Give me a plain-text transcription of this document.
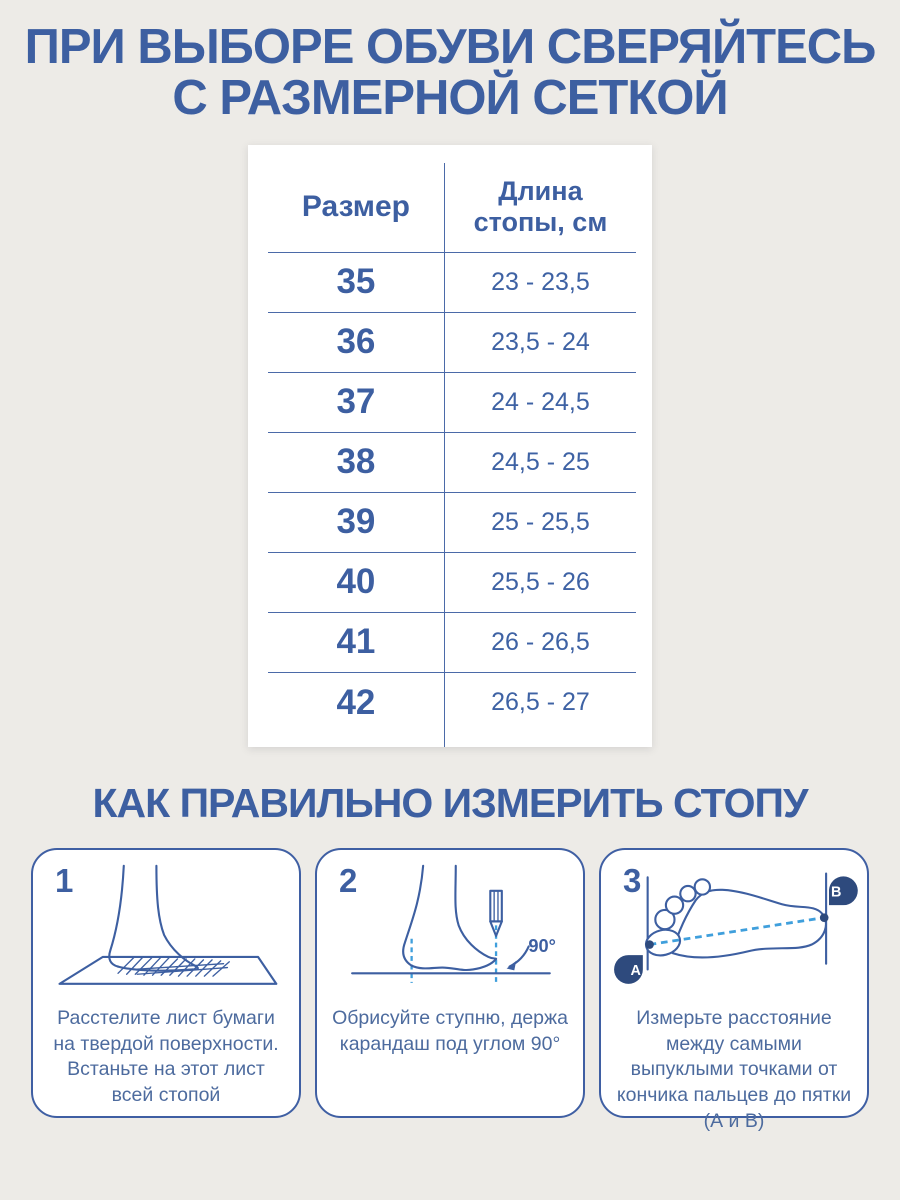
ПРИ ВЫБОРЕ ОБУВИ СВЕРЯЙТЕСЬ
С РАЗМЕРНОЙ СЕТКОЙ
Размер	Длина стопы, см
35	23 - 23,5
36	23,5 - 24
37	24 - 24,5
38	24,5 - 25
39	25 - 25,5
40	25,5 - 26
41	26 - 26,5
42	26,5 - 27
КАК ПРАВИЛЬНО ИЗМЕРИТЬ СТОПУ
1

Расстелите лист бумаги на твердой поверхности. Встаньте на этот лист всей стопой

2
90°

Обрисуйте ступню, держа карандаш под углом 90°

3
А
В

Измерьте расстояние между самыми выпуклыми точками от кончика пальцев до пятки (А и В)
